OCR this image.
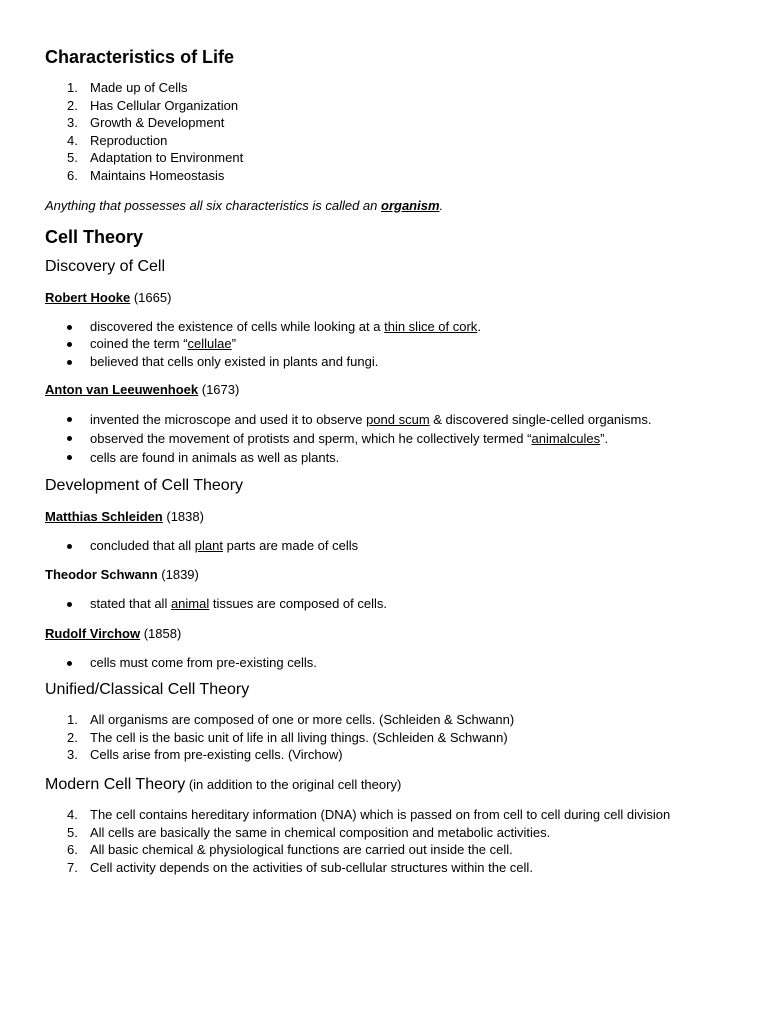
Characteristics of Life
1. Made up of Cells
2. Has Cellular Organization
3. Growth & Development
4. Reproduction
5. Adaptation to Environment
6. Maintains Homeostasis

Anything that possesses all six characteristics is called an organism.

Cell Theory
Discovery of Cell

Robert Hooke (1665)

discovered the existence of cells while looking at a thin slice of cork.
coined the term “cellulae”
believed that cells only existed in plants and fungi.

Anton van Leeuwenhoek (1673)

invented the microscope and used it to observe pond scum & discovered single-celled organisms.
observed the movement of protists and sperm, which he collectively termed “animalcules”.
cells are found in animals as well as plants.
Development of Cell Theory

Matthias Schleiden (1838)

concluded that all plant parts are made of cells

Theodor Schwann (1839)

stated that all animal tissues are composed of cells.

Rudolf Virchow (1858)

cells must come from pre-existing cells.
Unified/Classical Cell Theory
1. All organisms are composed of one or more cells. (Schleiden & Schwann)
2. The cell is the basic unit of life in all living things. (Schleiden & Schwann)
3. Cells arise from pre-existing cells. (Virchow)
Modern Cell Theory (in addition to the original cell theory)
4. The cell contains hereditary information (DNA) which is passed on from cell to cell during cell division
5. All cells are basically the same in chemical composition and metabolic activities.
6. All basic chemical & physiological functions are carried out inside the cell.
7. Cell activity depends on the activities of sub-cellular structures within the cell.
